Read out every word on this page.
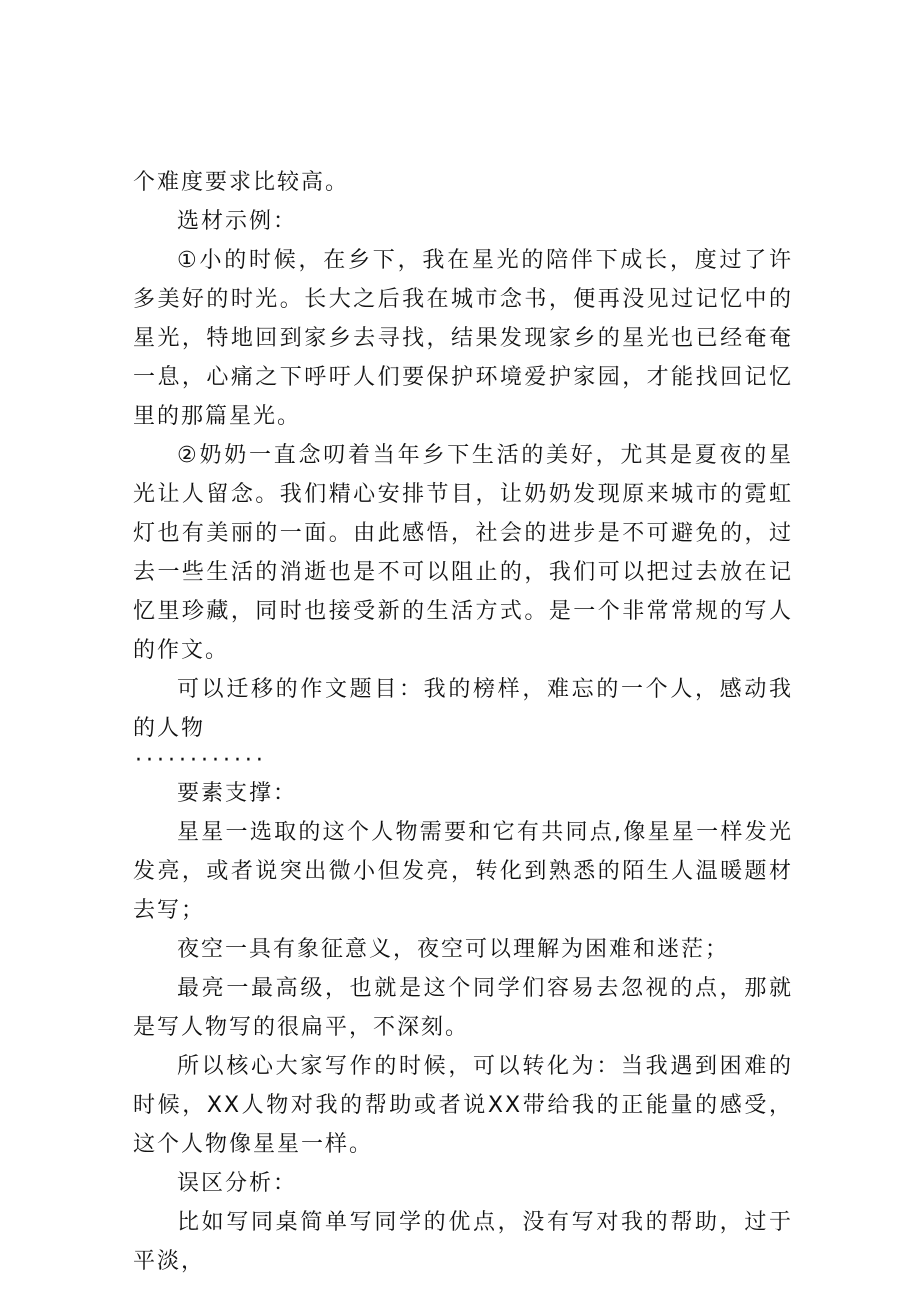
个难度要求比较高。

选材示例：

①小的时候，在乡下，我在星光的陪伴下成长，度过了许多美好的时光。长大之后我在城市念书，便再没见过记忆中的星光，特地回到家乡去寻找，结果发现家乡的星光也已经奄奄一息，心痛之下呼吁人们要保护环境爱护家园，才能找回记忆里的那篇星光。

②奶奶一直念叨着当年乡下生活的美好，尤其是夏夜的星光让人留念。我们精心安排节目，让奶奶发现原来城市的霓虹灯也有美丽的一面。由此感悟，社会的进步是不可避免的，过去一些生活的消逝也是不可以阻止的，我们可以把过去放在记忆里珍藏，同时也接受新的生活方式。是一个非常常规的写人的作文。

可以迁移的作文题目：我的榜样，难忘的一个人，感动我的人物

············

要素支撑：

星星一选取的这个人物需要和它有共同点,像星星一样发光发亮，或者说突出微小但发亮，转化到熟悉的陌生人温暖题材去写；

夜空一具有象征意义，夜空可以理解为困难和迷茫；

最亮一最高级，也就是这个同学们容易去忽视的点，那就是写人物写的很扁平，不深刻。

所以核心大家写作的时候，可以转化为：当我遇到困难的时候，XX人物对我的帮助或者说XX带给我的正能量的感受，这个人物像星星一样。

误区分析：

比如写同桌简单写同学的优点，没有写对我的帮助，过于平淡，
